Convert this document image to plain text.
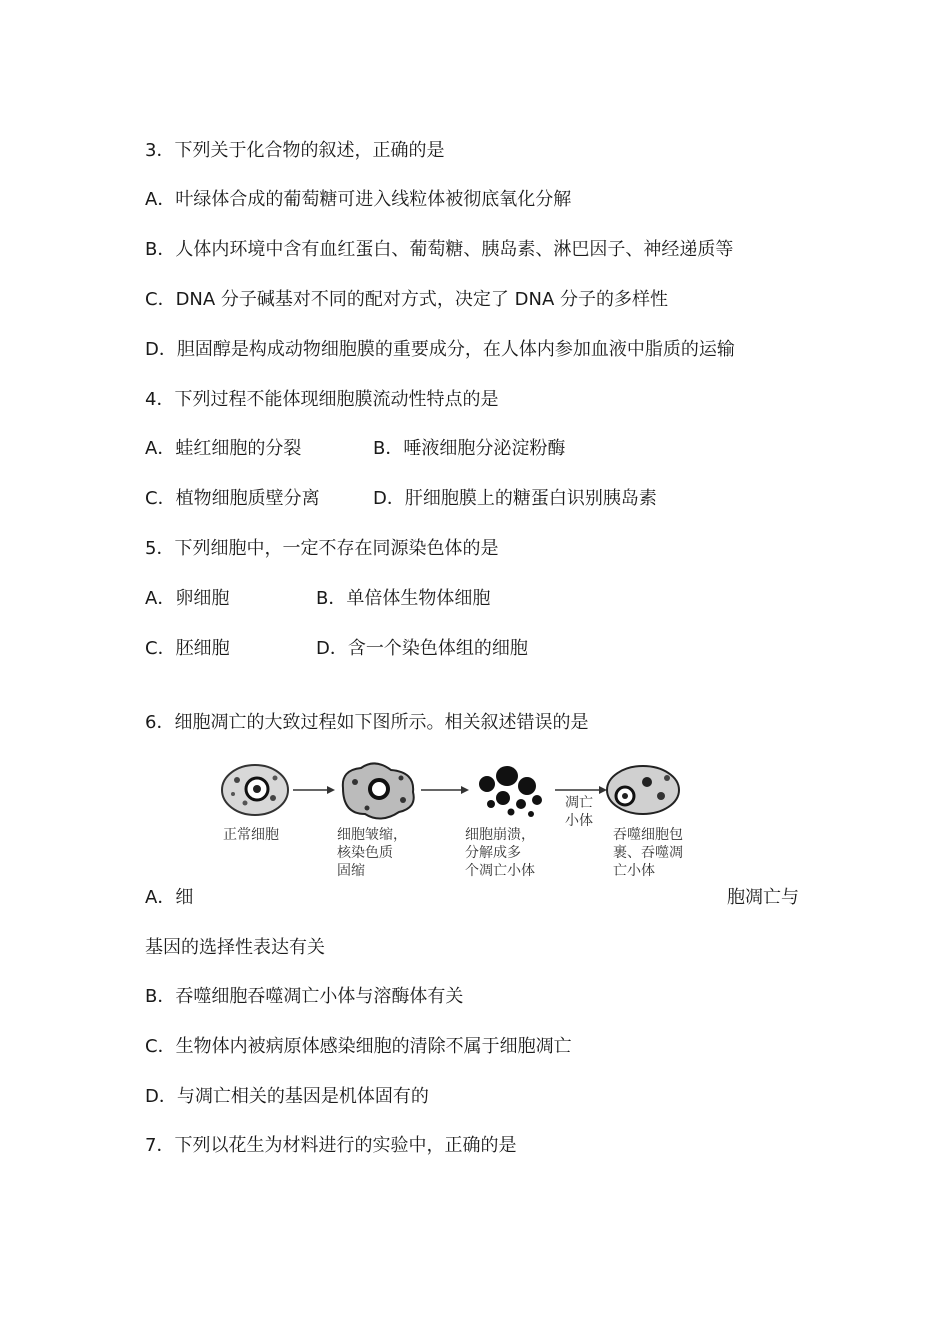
3．下列关于化合物的叙述，正确的是
A．叶绿体合成的葡萄糖可进入线粒体被彻底氧化分解
B．人体内环境中含有血红蛋白、葡萄糖、胰岛素、淋巴因子、神经递质等
C．DNA 分子碱基对不同的配对方式，决定了 DNA 分子的多样性
D．胆固醇是构成动物细胞膜的重要成分，在人体内参加血液中脂质的运输
4．下列过程不能体现细胞膜流动性特点的是
A．蛙红细胞的分裂	B．唾液细胞分泌淀粉酶
C．植物细胞质壁分离	D．肝细胞膜上的糖蛋白识别胰岛素
5．下列细胞中，一定不存在同源染色体的是
A．卵细胞	B．单倍体生物体细胞
C．胚细胞	D．含一个染色体组的细胞
6．细胞凋亡的大致过程如下图所示。相关叙述错误的是
正常细胞	细胞皱缩，
核染色质
固缩
细胞崩溃，
分解成多
个凋亡小体
凋亡
小体
吞噬细胞包
裹、吞噬凋
亡小体
A．细	胞凋亡与
基因的选择性表达有关
B．吞噬细胞吞噬凋亡小体与溶酶体有关
C．生物体内被病原体感染细胞的清除不属于细胞凋亡
D．与凋亡相关的基因是机体固有的
7．下列以花生为材料进行的实验中，正确的是
